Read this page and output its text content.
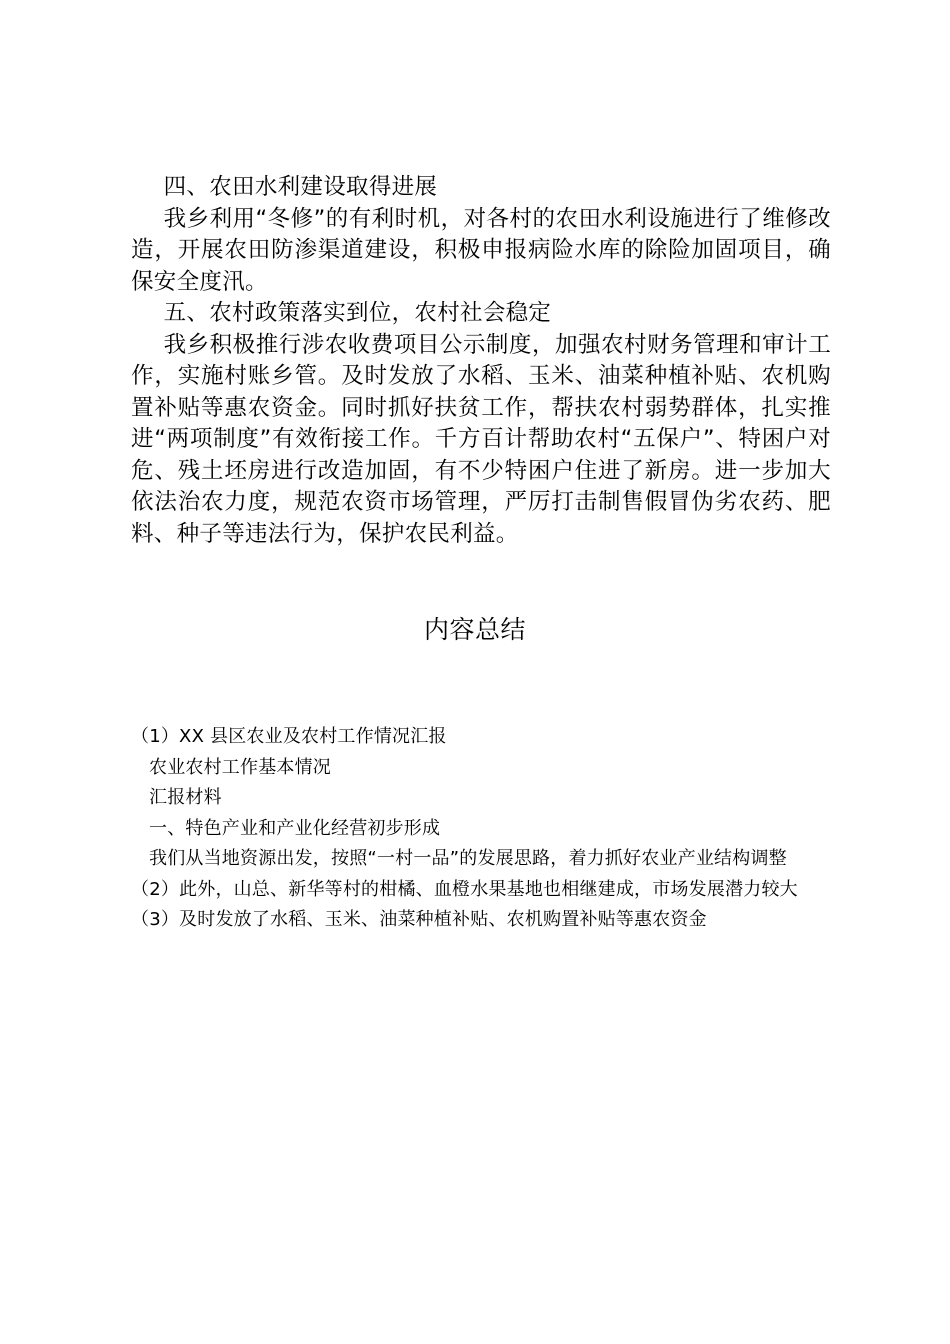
四、农田水利建设取得进展

我乡利用“冬修”的有利时机，对各村的农田水利设施进行了维修改造，开展农田防渗渠道建设，积极申报病险水库的除险加固项目，确保安全度汛。

五、农村政策落实到位，农村社会稳定

我乡积极推行涉农收费项目公示制度，加强农村财务管理和审计工作，实施村账乡管。及时发放了水稻、玉米、油菜种植补贴、农机购置补贴等惠农资金。同时抓好扶贫工作，帮扶农村弱势群体，扎实推进“两项制度”有效衔接工作。千方百计帮助农村“五保户”、特困户对危、残土坯房进行改造加固，有不少特困户住进了新房。进一步加大依法治农力度，规范农资市场管理，严厉打击制售假冒伪劣农药、肥料、种子等违法行为，保护农民利益。

内容总结

（1）XX 县区农业及农村工作情况汇报

农业农村工作基本情况

汇报材料

一、特色产业和产业化经营初步形成

我们从当地资源出发，按照“一村一品”的发展思路，着力抓好农业产业结构调整

（2）此外，山总、新华等村的柑橘、血橙水果基地也相继建成，市场发展潜力较大

（3）及时发放了水稻、玉米、油菜种植补贴、农机购置补贴等惠农资金
